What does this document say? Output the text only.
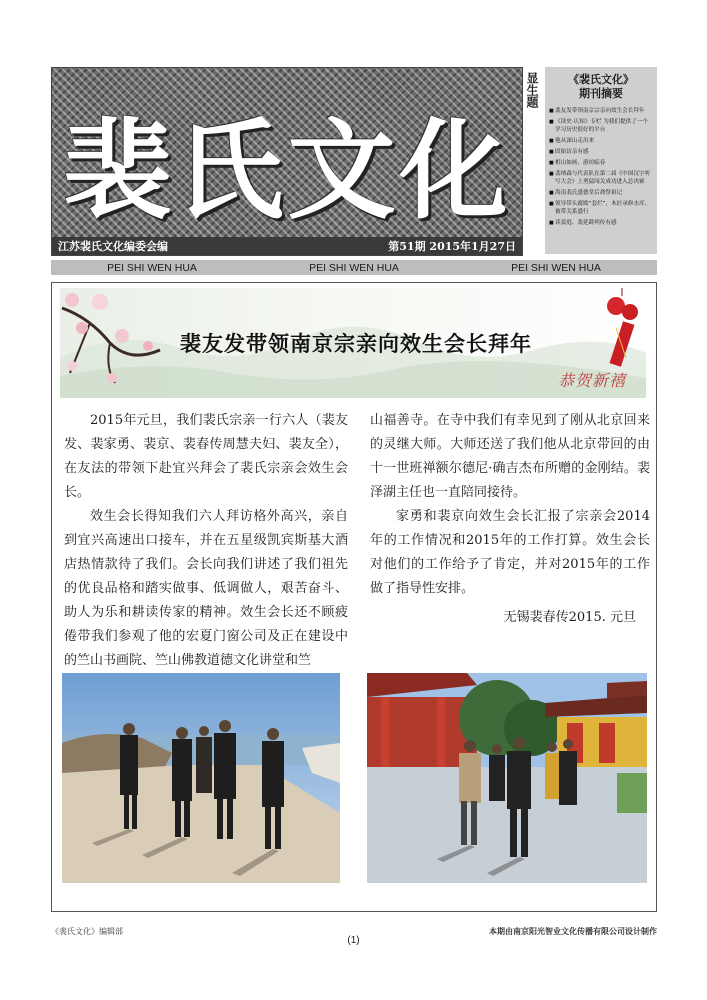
裴氏文化
江苏裴氏文化编委会编	第51期 2015年1月27日
显生题	《裴氏文化》
期刊摘要
■ 裴友发带领南京宗亲向效生会长拜年
■ 《读史·认知》专栏 为我们提供了一个学习历史很好的平台
■ 他从深山走出来
■ 固始访亲有感
■ 相山如画，游坊临春
■ 裴纳森与代表队在第二届《中国汉字听写大会》上勇猛闯关成功进入总决赛
■ 海南裴氏盛德堂后裔祭祖记
■ 领导带头腐败“套烂”，木匠承修水库、被带关系盛行
■ 读裴庭、裴延龄列传有感
PEI SHI WEN HUA	PEI SHI WEN HUA	PEI SHI WEN HUA
裴友发带领南京宗亲向效生会长拜年
恭贺新禧

2015年元旦，我们裴氏宗亲一行六人（裴友发、裴家勇、裴京、裴春传周慧夫妇、裴友全），在友法的带领下赴宜兴拜会了裴氏宗亲会效生会长。

效生会长得知我们六人拜访格外高兴，亲自到宜兴高速出口接车，并在五星级凯宾斯基大酒店热情款待了我们。会长向我们讲述了我们祖先的优良品格和踏实做事、低调做人，艰苦奋斗、助人为乐和耕读传家的精神。效生会长还不顾疲倦带我们参观了他的宏夏门窗公司及正在建设中的竺山书画院、竺山佛教道德文化讲堂和竺

山福善寺。在寺中我们有幸见到了刚从北京回来的灵继大师。大师还送了我们他从北京带回的由十一世班禅额尔德尼·确吉杰布所赠的金刚结。裴泽湖主任也一直陪同接待。

家勇和裴京向效生会长汇报了宗亲会2014年的工作情况和2015年的工作打算。效生会长对他们的工作给予了肯定，并对2015年的工作做了指导性安排。

无锡裴春传2015. 元旦
《裴氏文化》编辑部	本期由南京阳光智业文化传播有限公司设计制作
(1)
